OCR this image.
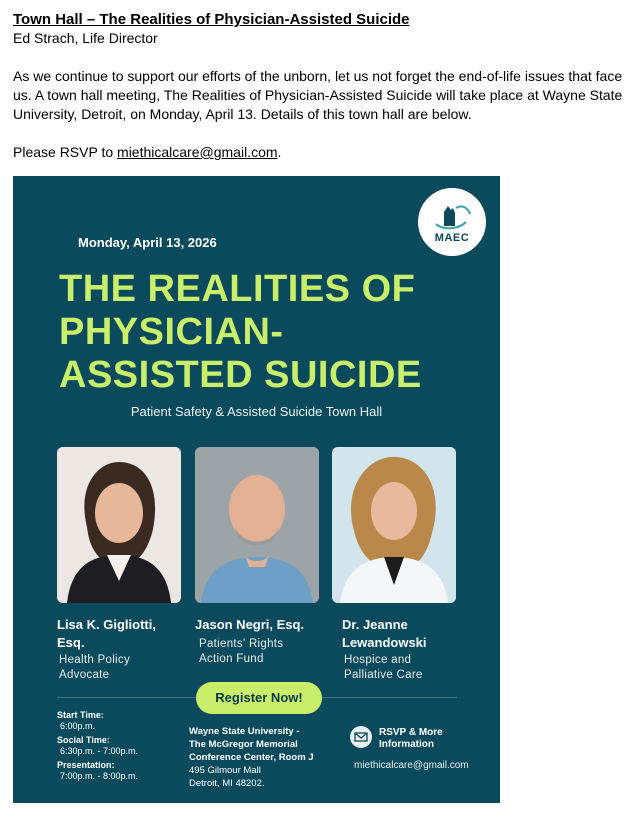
Town Hall – The Realities of Physician-Assisted Suicide
Ed Strach, Life Director
As we continue to support our efforts of the unborn, let us not forget the end-of-life issues that face us. A town hall meeting, The Realities of Physician-Assisted Suicide will take place at Wayne State University, Detroit, on Monday, April 13. Details of this town hall are below.
Please RSVP to miethicalcare@gmail.com.
MAEC
Monday, April 13, 2026
THE REALITIES OF
PHYSICIAN-
ASSISTED SUICIDE
Patient Safety & Assisted Suicide Town Hall
Lisa K. Gigliotti,
Esq.
Health Policy
Advocate
Jason Negri, Esq.
Patients' Rights
Action Fund
Dr. Jeanne
Lewandowski
Hospice and
Palliative Care
Register Now!
Start Time:
6:00p.m.
Social Time:
6:30p.m. - 7:00p.m.
Presentation:
7:00p.m. - 8:00p.m.
Wayne State University -
The McGregor Memorial
Conference Center, Room J
495 Gilmour Mall
Detroit, MI 48202.
RSVP & More
Information
miethicalcare@gmail.com
